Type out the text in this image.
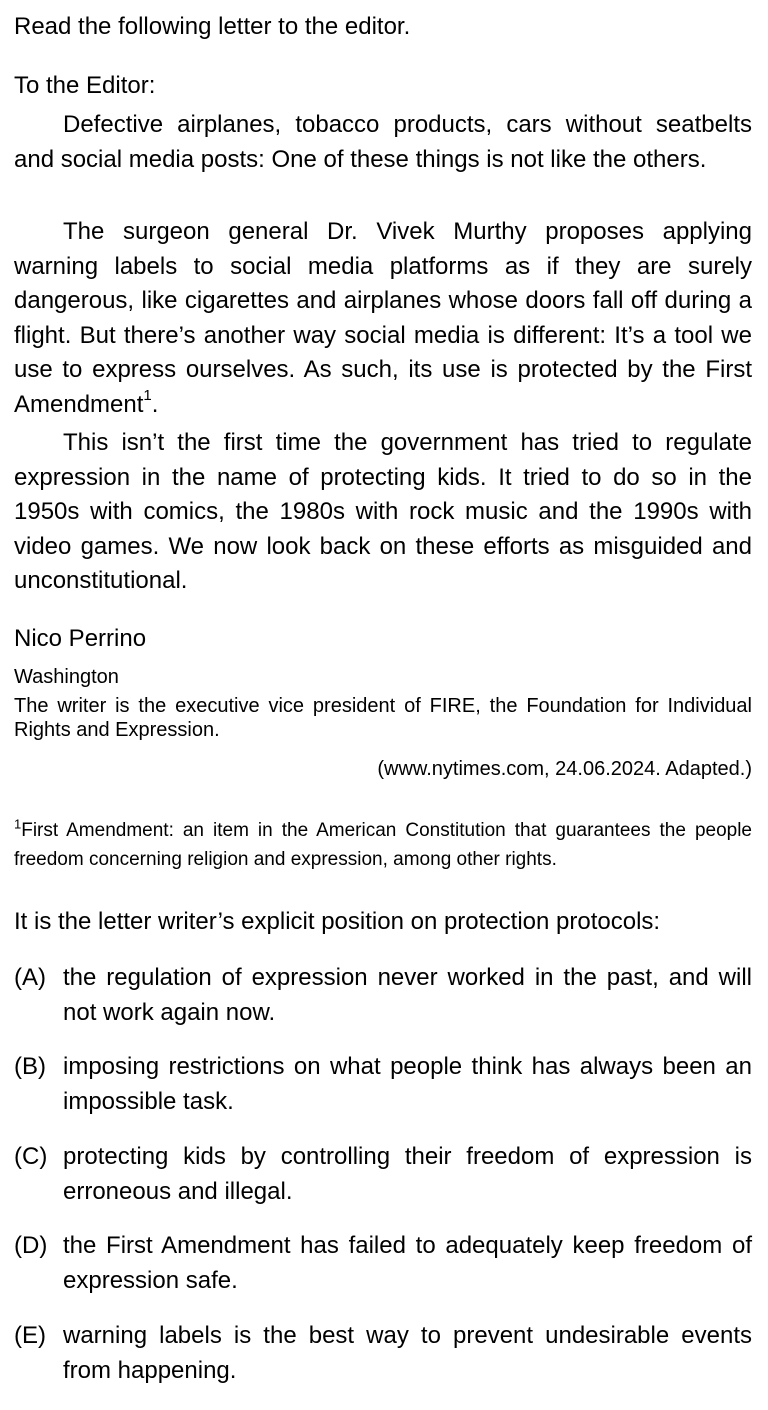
Read the following letter to the editor.
To the Editor:

Defective airplanes, tobacco products, cars without seatbelts and social media posts: One of these things is not like the others.

The surgeon general Dr. Vivek Murthy proposes applying warning labels to social media platforms as if they are surely dangerous, like cigarettes and airplanes whose doors fall off during a flight. But there’s another way social media is different: It’s a tool we use to express ourselves. As such, its use is protected by the First Amendment$^1$.

This isn’t the first time the government has tried to regulate expression in the name of protecting kids. It tried to do so in the 1950s with comics, the 1980s with rock music and the 1990s with video games. We now look back on these efforts as misguided and unconstitutional.

Nico Perrino
Washington

The writer is the executive vice president of FIRE, the Foundation for Individual Rights and Expression.

(www.nytimes.com, 24.06.2024. Adapted.)

$^1$First Amendment: an item in the American Constitution that guarantees the people freedom concerning religion and expression, among other rights.

It is the letter writer’s explicit position on protection protocols:
(A) the regulation of expression never worked in the past, and will not work again now.

(B) imposing restrictions on what people think has always been an impossible task.

(C) protecting kids by controlling their freedom of expression is erroneous and illegal.

(D) the First Amendment has failed to adequately keep freedom of expression safe.

(E) warning labels is the best way to prevent undesirable events from happening.
